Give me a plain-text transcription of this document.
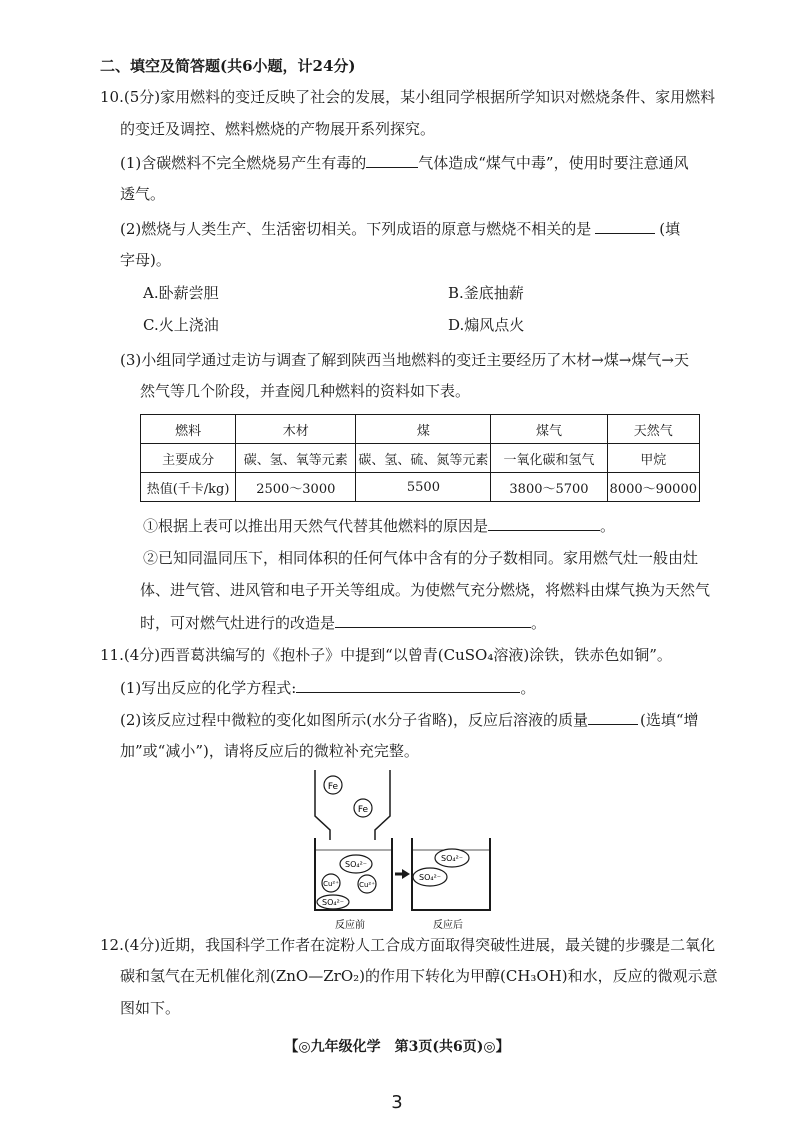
二、填空及简答题(共6小题，计24分)
10.(5分)家用燃料的变迁反映了社会的发展，某小组同学根据所学知识对燃烧条件、家用燃料
的变迁及调控、燃料燃烧的产物展开系列探究。
(1)含碳燃料不完全燃烧易产生有毒的	气体造成“煤气中毒”，使用时要注意通风
透气。
(2)燃烧与人类生产、生活密切相关。下列成语的原意与燃烧不相关的是	(填
字母)。
A.卧薪尝胆	B.釜底抽薪
C.火上浇油	D.煽风点火
(3)小组同学通过走访与调查了解到陕西当地燃料的变迁主要经历了木材→煤→煤气→天
然气等几个阶段，并查阅几种燃料的资料如下表。
燃料	木材	煤	煤气	天然气
主要成分	碳、氢、氧等元素	碳、氢、硫、氮等元素	一氧化碳和氢气	甲烷
热值(千卡/kg)	2500～3000	5500	3800～5700	8000～90000
①根据上表可以推出用天然气代替其他燃料的原因是	。
②已知同温同压下，相同体积的任何气体中含有的分子数相同。家用燃气灶一般由灶
体、进气管、进风管和电子开关等组成。为使燃气充分燃烧，将燃料由煤气换为天然气
时，可对燃气灶进行的改造是	。
11.(4分)西晋葛洪编写的《抱朴子》中提到“以曾青(CuSO₄溶液)涂铁，铁赤色如铜”。
(1)写出反应的化学方程式:	。
(2)该反应过程中微粒的变化如图所示(水分子省略)，反应后溶液的质量	(选填“增
加”或“减小”)，请将反应后的微粒补充完整。
Fe
Fe
SO₄²⁻
Cu²⁺	Cu²⁺
SO₄²⁻
SO₄²⁻
SO₄²⁻
反应前	反应后
12.(4分)近期，我国科学工作者在淀粉人工合成方面取得突破性进展，最关键的步骤是二氧化
碳和氢气在无机催化剂(ZnO—ZrO₂)的作用下转化为甲醇(CH₃OH)和水，反应的微观示意
图如下。
【◎九年级化学　第3页(共6页)◎】
3
